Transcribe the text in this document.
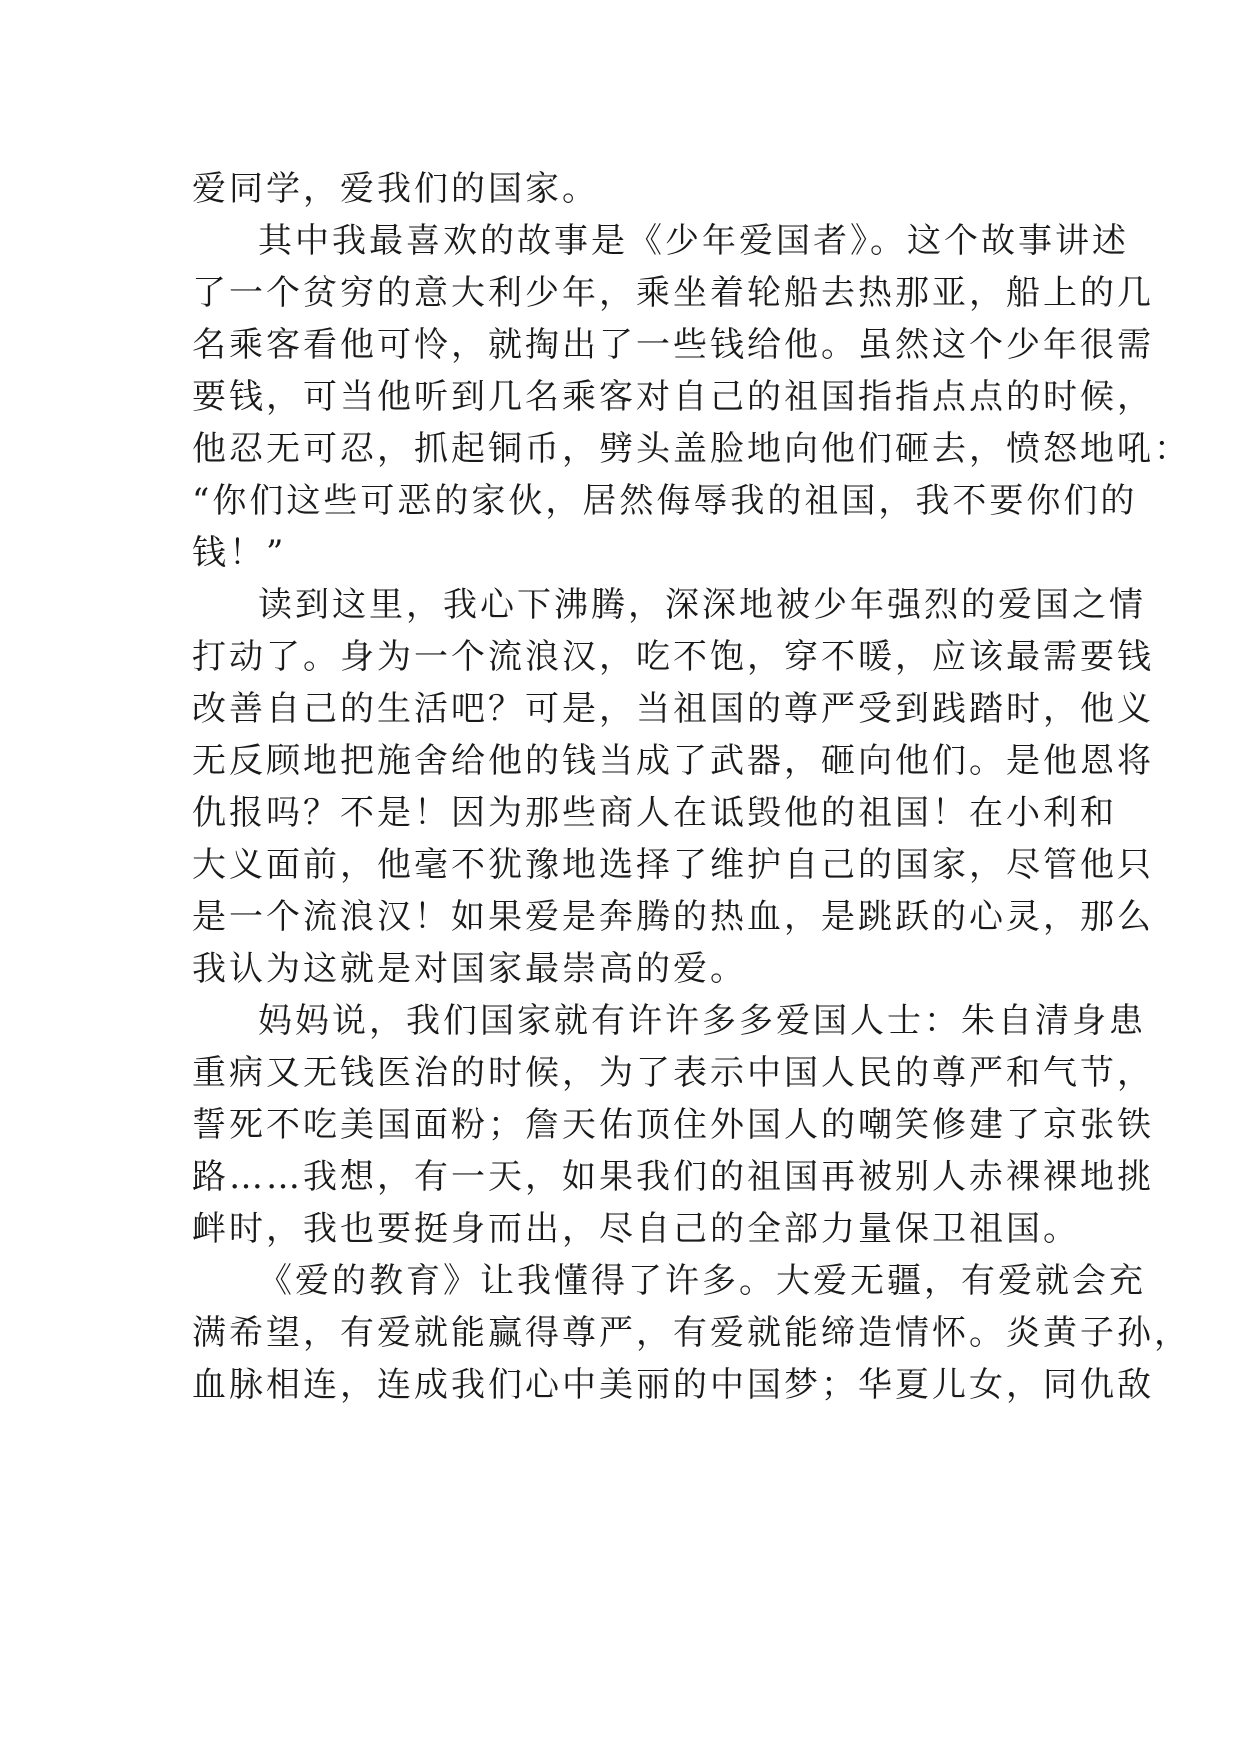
爱同学，爱我们的国家。
其中我最喜欢的故事是《少年爱国者》。这个故事讲述
了一个贫穷的意大利少年，乘坐着轮船去热那亚，船上的几
名乘客看他可怜，就掏出了一些钱给他。虽然这个少年很需
要钱，可当他听到几名乘客对自己的祖国指指点点的时候，
他忍无可忍，抓起铜币，劈头盖脸地向他们砸去，愤怒地吼：
“你们这些可恶的家伙，居然侮辱我的祖国，我不要你们的
钱！”
读到这里，我心下沸腾，深深地被少年强烈的爱国之情
打动了。身为一个流浪汉，吃不饱，穿不暖，应该最需要钱
改善自己的生活吧？可是，当祖国的尊严受到践踏时，他义
无反顾地把施舍给他的钱当成了武器，砸向他们。是他恩将
仇报吗？不是！因为那些商人在诋毁他的祖国！在小利和
大义面前，他毫不犹豫地选择了维护自己的国家，尽管他只
是一个流浪汉！如果爱是奔腾的热血，是跳跃的心灵，那么
我认为这就是对国家最崇高的爱。
妈妈说，我们国家就有许许多多爱国人士：朱自清身患
重病又无钱医治的时候，为了表示中国人民的尊严和气节，
誓死不吃美国面粉；詹天佑顶住外国人的嘲笑修建了京张铁
路……我想，有一天，如果我们的祖国再被别人赤裸裸地挑
衅时，我也要挺身而出，尽自己的全部力量保卫祖国。
《爱的教育》让我懂得了许多。大爱无疆，有爱就会充
满希望，有爱就能赢得尊严，有爱就能缔造情怀。炎黄子孙，
血脉相连，连成我们心中美丽的中国梦；华夏儿女，同仇敌
